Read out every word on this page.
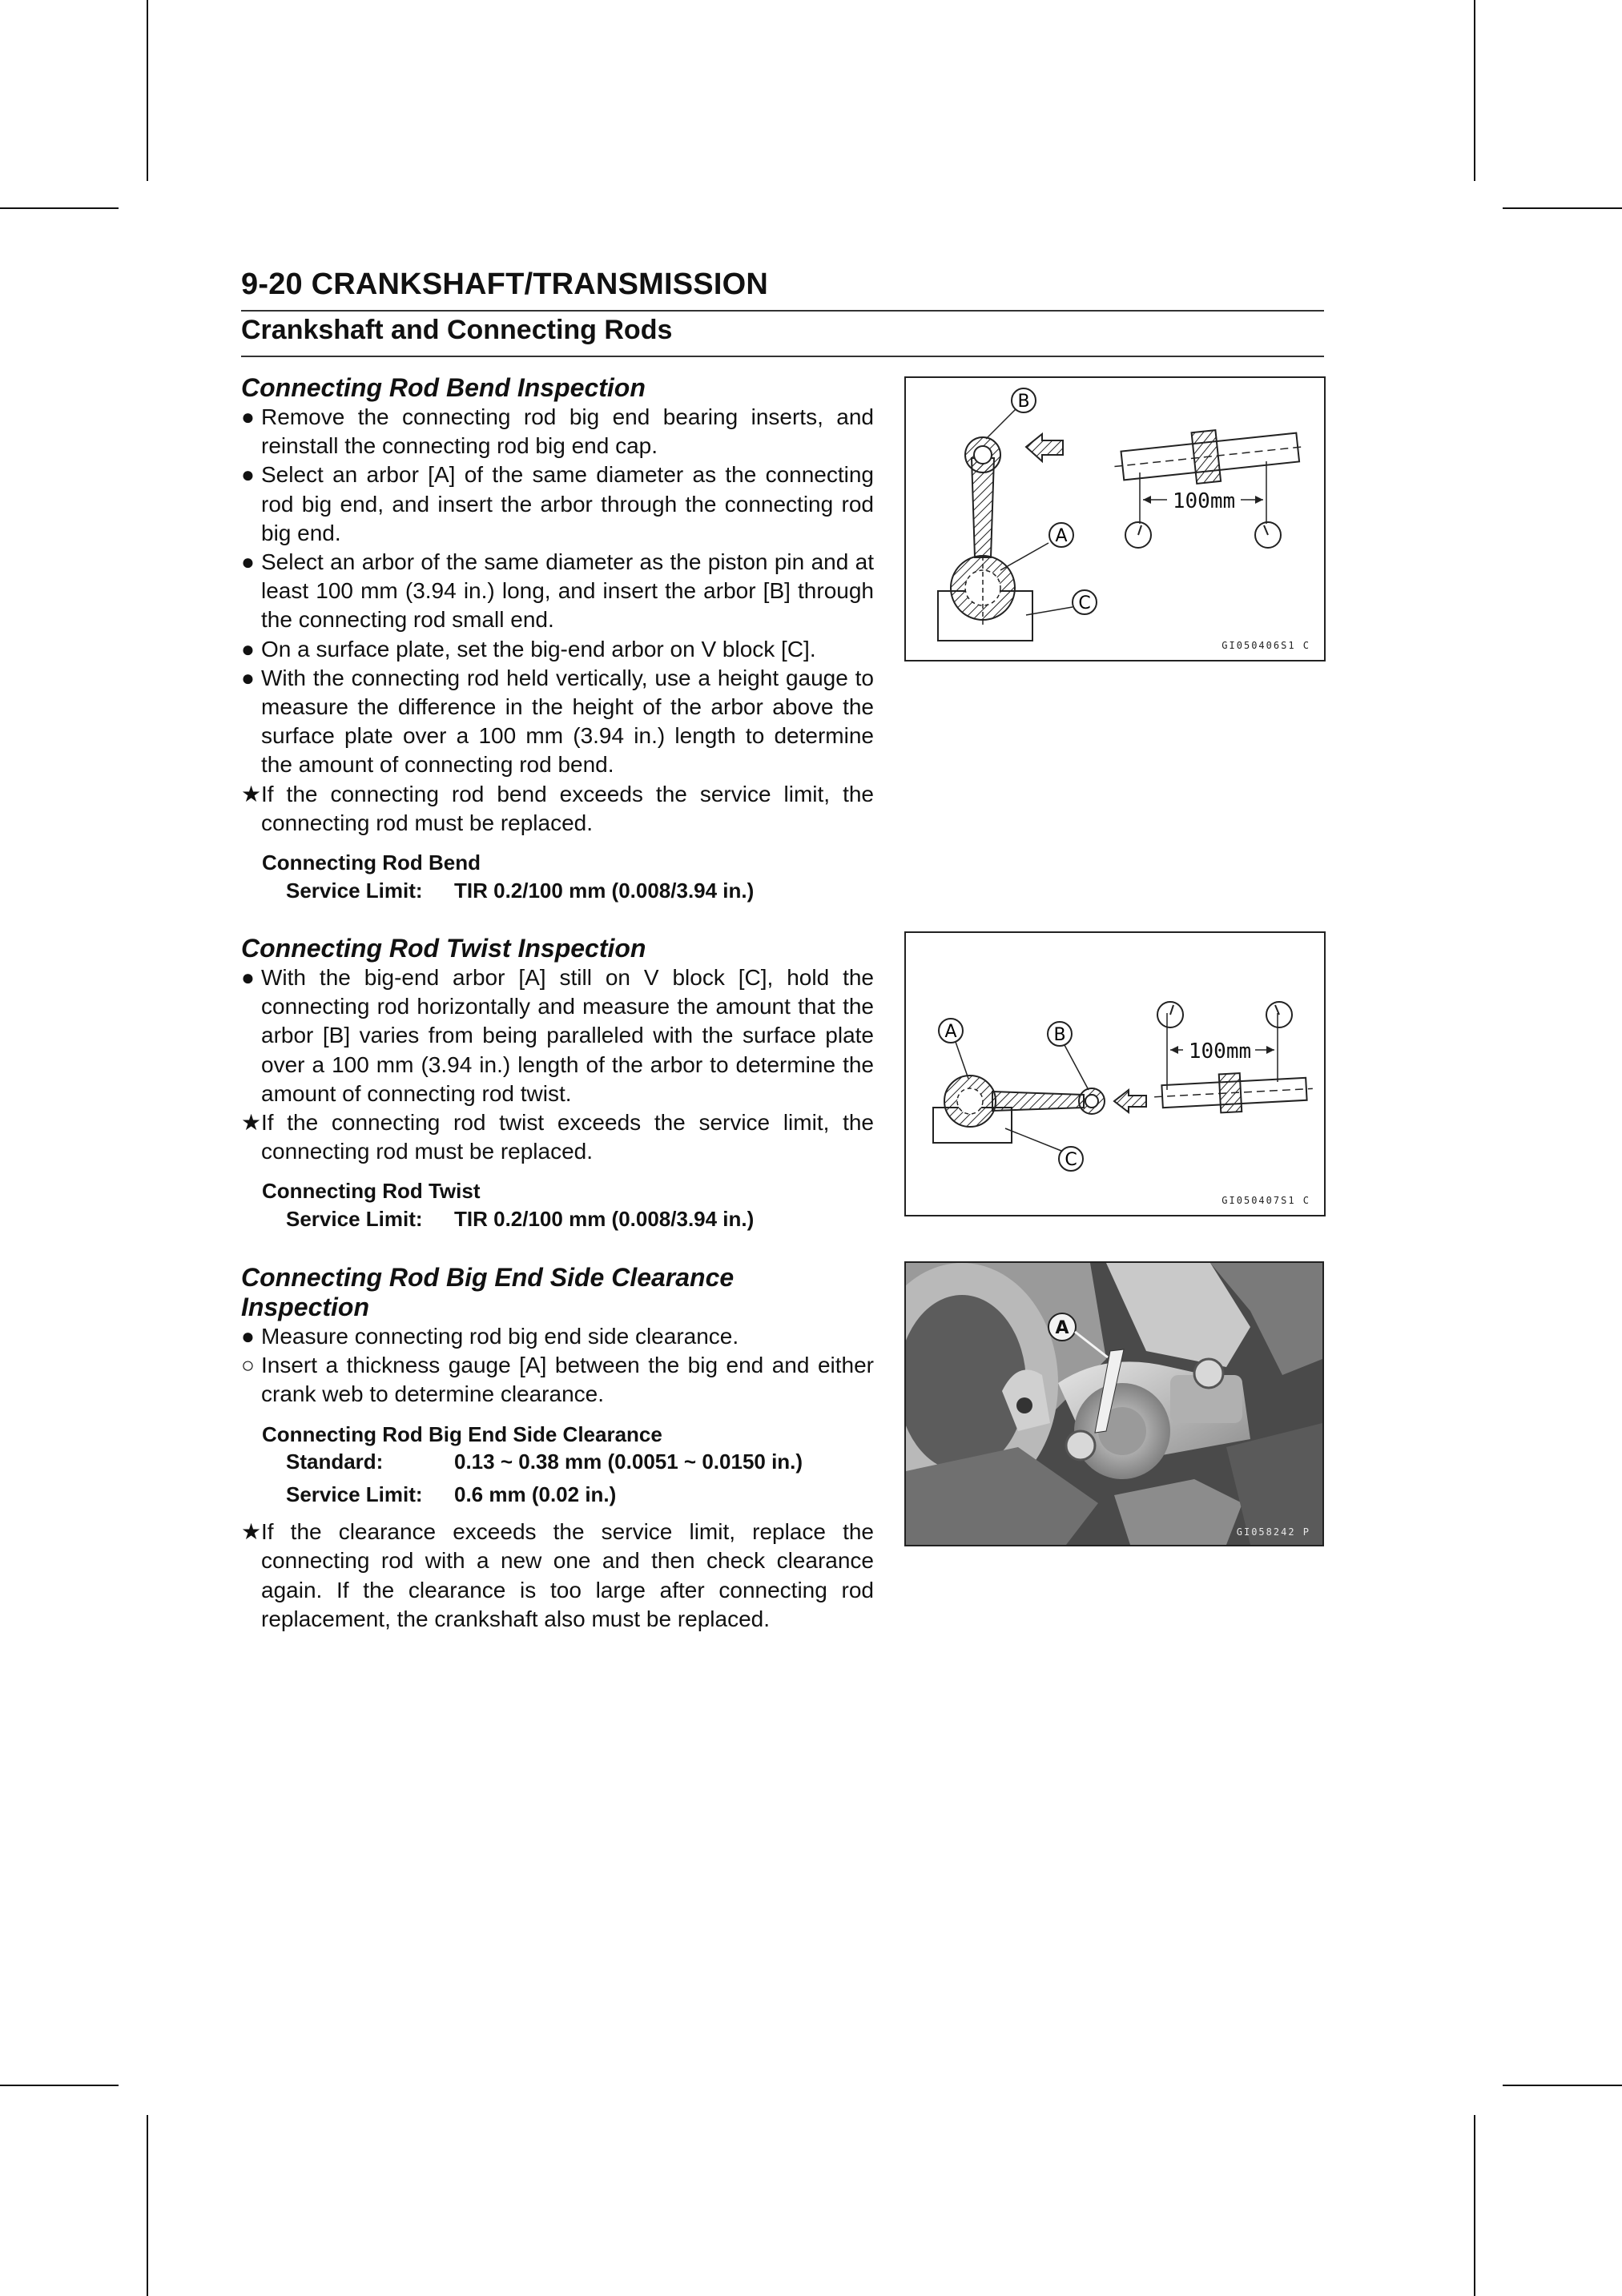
9-20 CRANKSHAFT/TRANSMISSION
Crankshaft and Connecting Rods

Connecting Rod Bend Inspection

● Remove the connecting rod big end bearing inserts, and reinstall the connecting rod big end cap.
● Select an arbor [A] of the same diameter as the connecting rod big end, and insert the arbor through the connecting rod big end.
● Select an arbor of the same diameter as the piston pin and at least 100 mm (3.94 in.) long, and insert the arbor [B] through the connecting rod small end.
● On a surface plate, set the big-end arbor on V block [C].
● With the connecting rod held vertically, use a height gauge to measure the difference in the height of the arbor above the surface plate over a 100 mm (3.94 in.) length to determine the amount of connecting rod bend.
★ If the connecting rod bend exceeds the service limit, the connecting rod must be replaced.
Connecting Rod Bend
Service Limit:	TIR 0.2/100 mm (0.008/3.94 in.)

Connecting Rod Twist Inspection

● With the big-end arbor [A] still on V block [C], hold the connecting rod horizontally and measure the amount that the arbor [B] varies from being paralleled with the surface plate over a 100 mm (3.94 in.) length of the arbor to determine the amount of connecting rod twist.
★ If the connecting rod twist exceeds the service limit, the connecting rod must be replaced.
Connecting Rod Twist
Service Limit:	TIR 0.2/100 mm (0.008/3.94 in.)

Connecting Rod Big End Side Clearance Inspection

● Measure connecting rod big end side clearance.
○ Insert a thickness gauge [A] between the big end and either crank web to determine clearance.
Connecting Rod Big End Side Clearance
Standard:	0.13 ~ 0.38 mm (0.0051 ~ 0.0150 in.)
Service Limit:	0.6 mm (0.02 in.)
★ If the clearance exceeds the service limit, replace the connecting rod with a new one and then check clearance again. If the clearance is too large after connecting rod replacement, the crankshaft also must be replaced.
100mm
B
A
C
GI050406S1 C
100mm
A	B
C
GI050407S1 C
A
GI058242 P
